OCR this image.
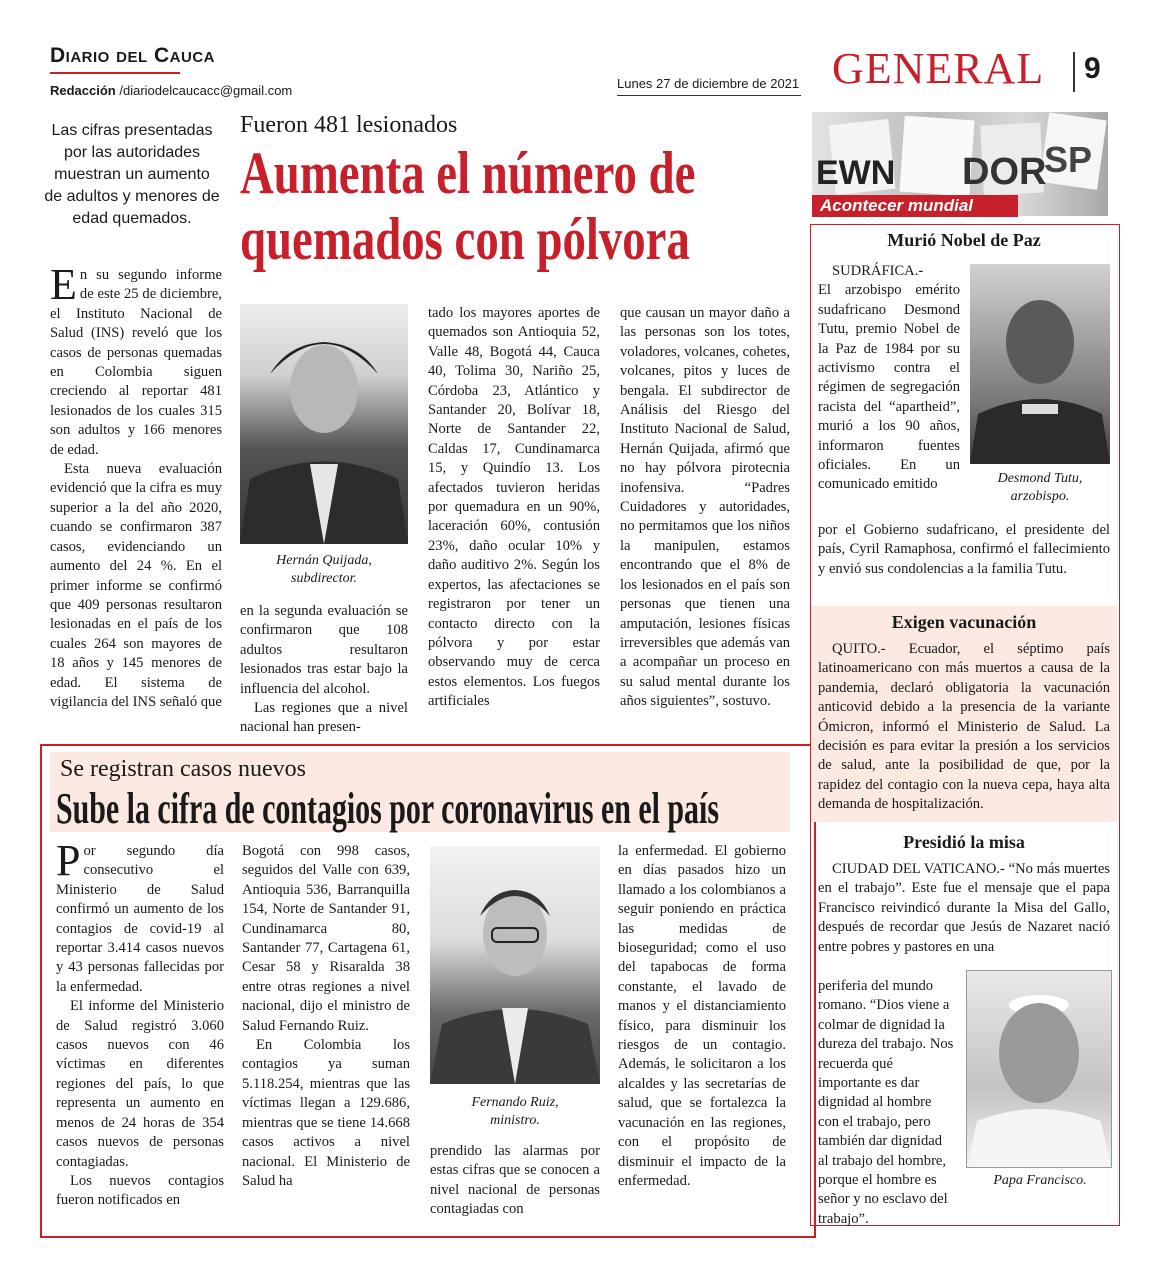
Diario del Cauca
Redacción /diariodelcaucacc@gmail.com	Lunes 27 de diciembre de 2021 GENERAL 9
Las cifras presentadas por las autoridades muestran un aumento de adultos y menores de edad quemados.
Fueron 481 lesionados
Aumenta el número de quemados con pólvora

En su segundo informe de este 25 de diciembre, el Instituto Nacional de Salud (INS) reveló que los casos de personas quemadas en Colombia siguen creciendo al reportar 481 lesionados de los cuales 315 son adultos y 166 menores de edad.

Esta nueva evaluación evidenció que la cifra es muy superior a la del año 2020, cuando se confirmaron 387 casos, evidenciando un aumento del 24 %. En el primer informe se confirmó que 409 personas resultaron lesionadas en el país de los cuales 264 son mayores de 18 años y 145 menores de edad. El sistema de vigilancia del INS señaló que

Hernán Quijada, subdirector.

en la segunda evaluación se confirmaron que 108 adultos resultaron lesionados tras estar bajo la influencia del alcohol.

Las regiones que a nivel nacional han presen-

tado los mayores aportes de quemados son Antioquia 52, Valle 48, Bogotá 44, Cauca 40, Tolima 30, Nariño 25, Córdoba 23, Atlántico y Santander 20, Bolívar 18, Norte de Santander 22, Caldas 17, Cundinamarca 15, y Quindío 13. Los afectados tuvieron heridas por quemadura en un 90%, laceración 60%, contusión 23%, daño ocular 10% y daño auditivo 2%. Según los expertos, las afectaciones se registraron por tener un contacto directo con la pólvora y por estar observando muy de cerca estos elementos. Los fuegos artificiales

que causan un mayor daño a las personas son los totes, voladores, volcanes, cohetes, volcanes, pitos y luces de bengala. El subdirector de Análisis del Riesgo del Instituto Nacional de Salud, Hernán Quijada, afirmó que no hay pólvora pirotecnia inofensiva. “Padres Cuidadores y autoridades, no permitamos que los niños la manipulen, estamos encontrando que el 8% de los lesionados en el país son personas que tienen una amputación, lesiones físicas irreversibles que además van a acompañar un proceso en su salud mental durante los años siguientes”, sostuvo.

Se registran casos nuevos
Sube la cifra de contagios por coronavirus en el país

Por segundo día consecutivo el Ministerio de Salud confirmó un aumento de los contagios de covid-19 al reportar 3.414 casos nuevos y 43 personas fallecidas por la enfermedad.

El informe del Ministerio de Salud registró 3.060 casos nuevos con 46 víctimas en diferentes regiones del país, lo que representa un aumento en menos de 24 horas de 354 casos nuevos de personas contagiadas.

Los nuevos contagios fueron notificados en

Bogotá con 998 casos, seguidos del Valle con 639, Antioquia 536, Barranquilla 154, Norte de Santander 91, Cundinamarca 80, Santander 77, Cartagena 61, Cesar 58 y Risaralda 38 entre otras regiones a nivel nacional, dijo el ministro de Salud Fernando Ruiz.

En Colombia los contagios ya suman 5.118.254, mientras que las víctimas llegan a 129.686, mientras que se tiene 14.668 casos activos a nivel nacional. El Ministerio de Salud ha

Fernando Ruiz, ministro.

prendido las alarmas por estas cifras que se conocen a nivel nacional de personas contagiadas con

la enfermedad. El gobierno en días pasados hizo un llamado a los colombianos a seguir poniendo en práctica las medidas de bioseguridad; como el uso del tapabocas de forma constante, el lavado de manos y el distanciamiento físico, para disminuir los riesgos de un contagio. Además, le solicitaron a los alcaldes y las secretarías de salud, que se fortalezca la vacunación en las regiones, con el propósito de disminuir el impacto de la enfermedad.

EWN DOR
SP
Acontecer mundial
Murió Nobel de Paz

SUDRÁFICA.-

El arzobispo emérito sudafricano Desmond Tutu, premio Nobel de la Paz de 1984 por su activismo contra el régimen de segregación racista del “apartheid”, murió a los 90 años, informaron fuentes oficiales. En un comunicado emitido	Desmond Tutu, arzobispo.

por el Gobierno sudafricano, el presidente del país, Cyril Ramaphosa, confirmó el fallecimiento y envió sus condolencias a la familia Tutu.

Exigen vacunación

QUITO.- Ecuador, el séptimo país latinoamericano con más muertos a causa de la pandemia, declaró obligatoria la vacunación anticovid debido a la presencia de la variante Ómicron, informó el Ministerio de Salud. La decisión es para evitar la presión a los servicios de salud, ante la posibilidad de que, por la rapidez del contagio con la nueva cepa, haya alta demanda de hospitalización.

Presidió la misa

CIUDAD DEL VATICANO.- “No más muertes en el trabajo”. Este fue el mensaje que el papa Francisco reivindicó durante la Misa del Gallo, después de recordar que Jesús de Nazaret nació entre pobres y pastores en una

periferia del mundo romano. “Dios viene a colmar de dignidad la dureza del trabajo. Nos recuerda qué importante es dar dignidad al hombre con el trabajo, pero también dar dignidad al trabajo del hombre, porque el hombre es señor y no esclavo del trabajo”.

Papa Francisco.
